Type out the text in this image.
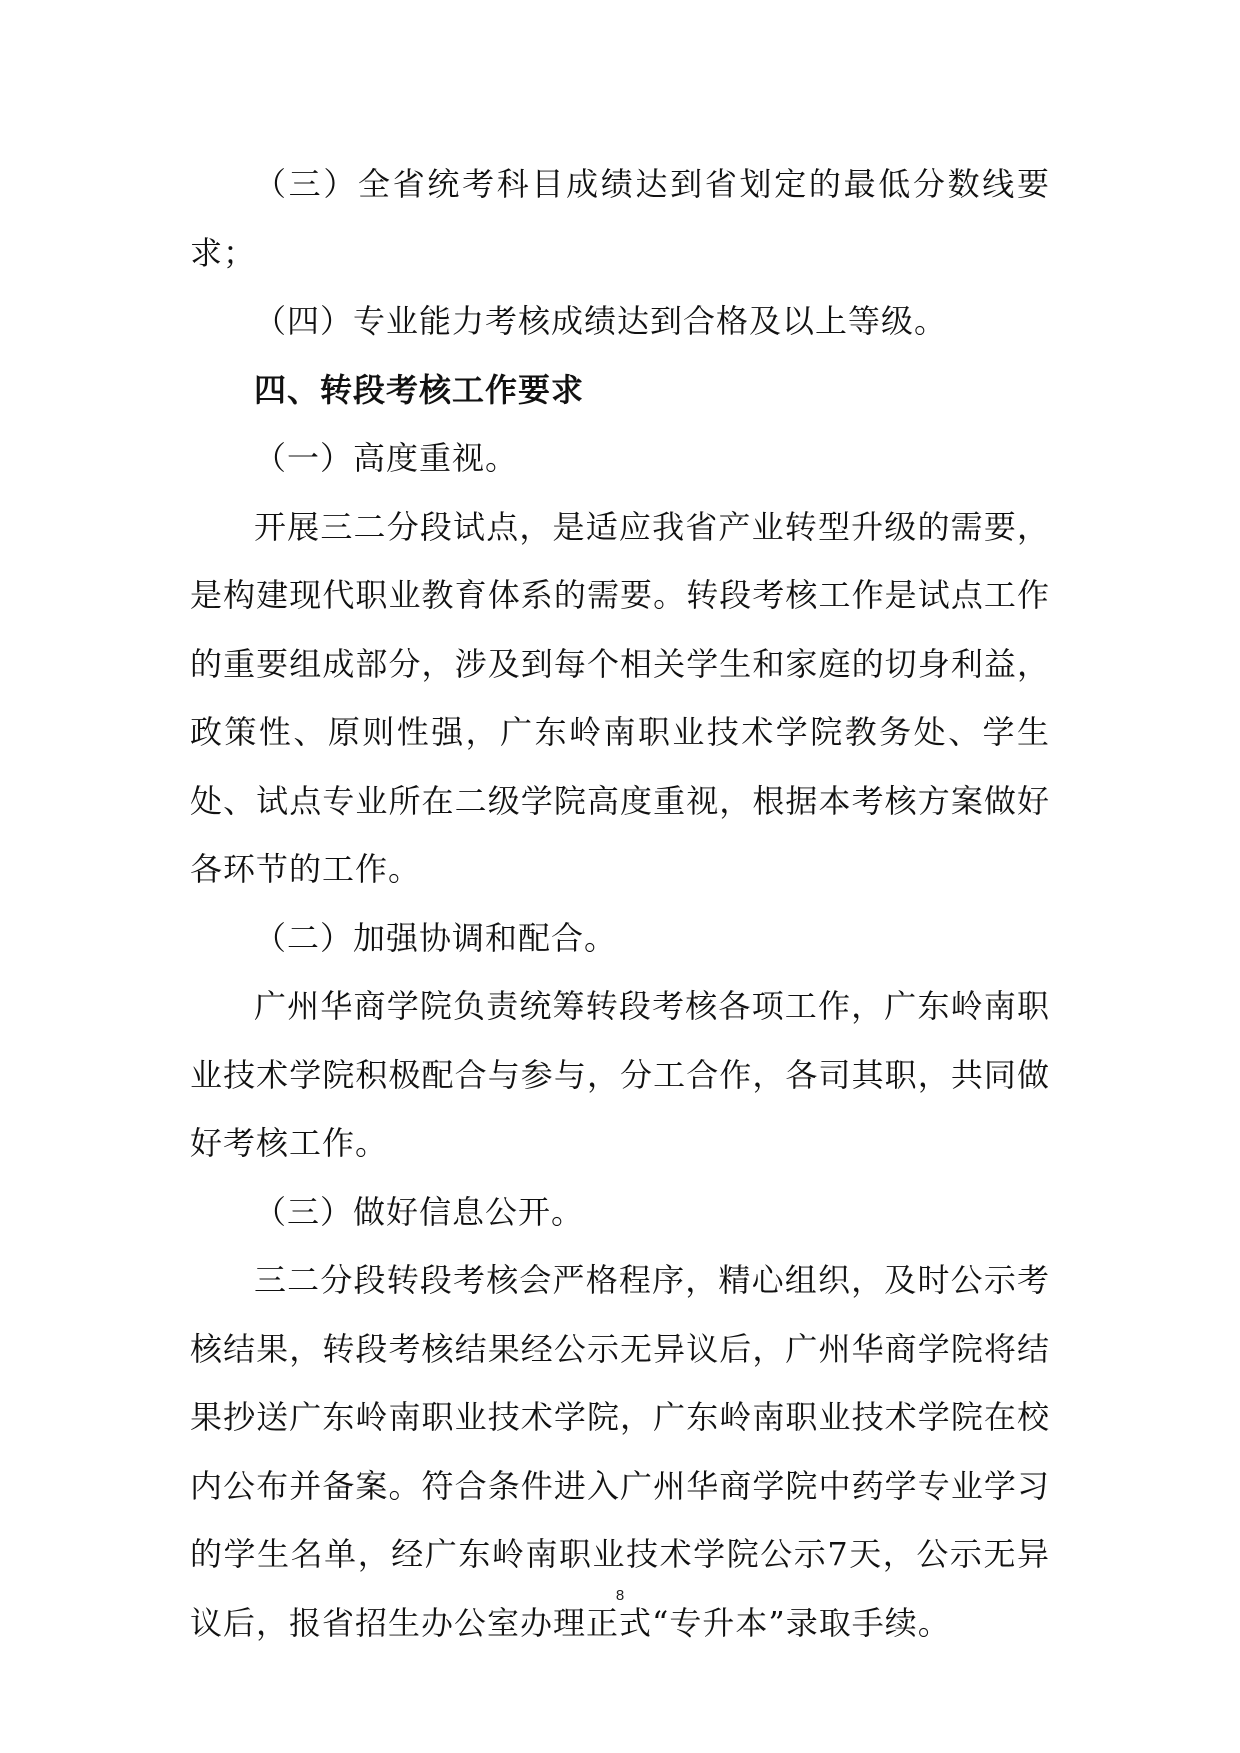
（三）全省统考科目成绩达到省划定的最低分数线要求；

（四）专业能力考核成绩达到合格及以上等级。

四、转段考核工作要求

（一）高度重视。

开展三二分段试点，是适应我省产业转型升级的需要，是构建现代职业教育体系的需要。转段考核工作是试点工作的重要组成部分，涉及到每个相关学生和家庭的切身利益，政策性、原则性强，广东岭南职业技术学院教务处、学生处、试点专业所在二级学院高度重视，根据本考核方案做好各环节的工作。

（二）加强协调和配合。

广州华商学院负责统筹转段考核各项工作，广东岭南职业技术学院积极配合与参与，分工合作，各司其职，共同做好考核工作。

（三）做好信息公开。

三二分段转段考核会严格程序，精心组织，及时公示考核结果，转段考核结果经公示无异议后，广州华商学院将结果抄送广东岭南职业技术学院，广东岭南职业技术学院在校内公布并备案。符合条件进入广州华商学院中药学专业学习的学生名单，经广东岭南职业技术学院公示7天，公示无异议后，报省招生办公室办理正式“专升本”录取手续。

8
